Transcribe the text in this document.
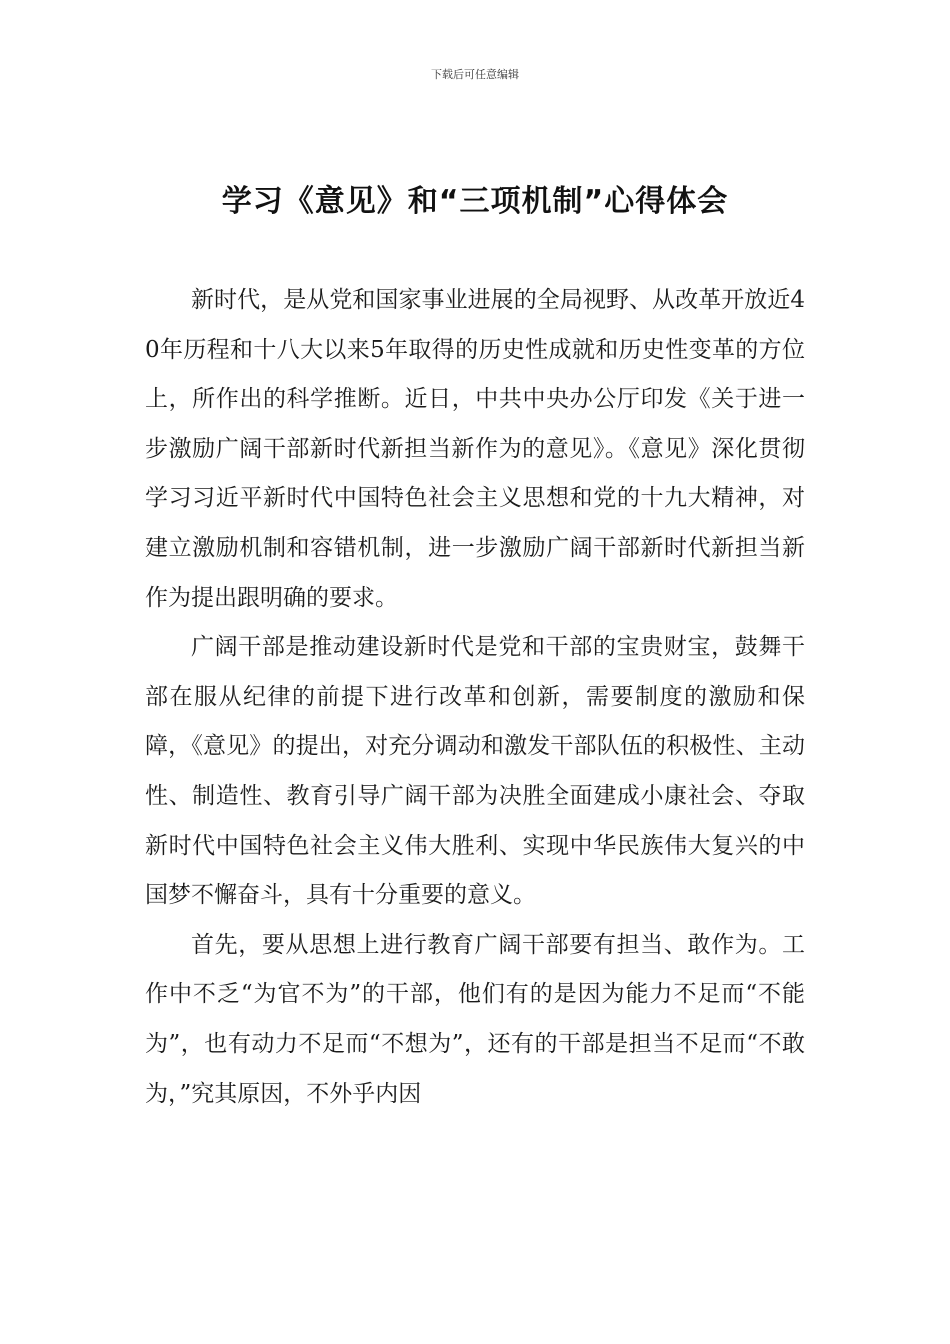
下载后可任意编辑
学习《意见》和“三项机制”心得体会

新时代，是从党和国家事业进展的全局视野、从改革开放近40年历程和十八大以来5年取得的历史性成就和历史性变革的方位上，所作出的科学推断。近日，中共中央办公厅印发《关于进一步激励广阔干部新时代新担当新作为的意见》。《意见》深化贯彻学习习近平新时代中国特色社会主义思想和党的十九大精神，对建立激励机制和容错机制，进一步激励广阔干部新时代新担当新作为提出跟明确的要求。

广阔干部是推动建设新时代是党和干部的宝贵财宝，鼓舞干部在服从纪律的前提下进行改革和创新，需要制度的激励和保障，《意见》的提出，对充分调动和激发干部队伍的积极性、主动性、制造性、教育引导广阔干部为决胜全面建成小康社会、夺取新时代中国特色社会主义伟大胜利、实现中华民族伟大复兴的中国梦不懈奋斗，具有十分重要的意义。

首先，要从思想上进行教育广阔干部要有担当、敢作为。工作中不乏“为官不为”的干部，他们有的是因为能力不足而“不能为”，也有动力不足而“不想为”，还有的干部是担当不足而“不敢为，”究其原因，不外乎内因
